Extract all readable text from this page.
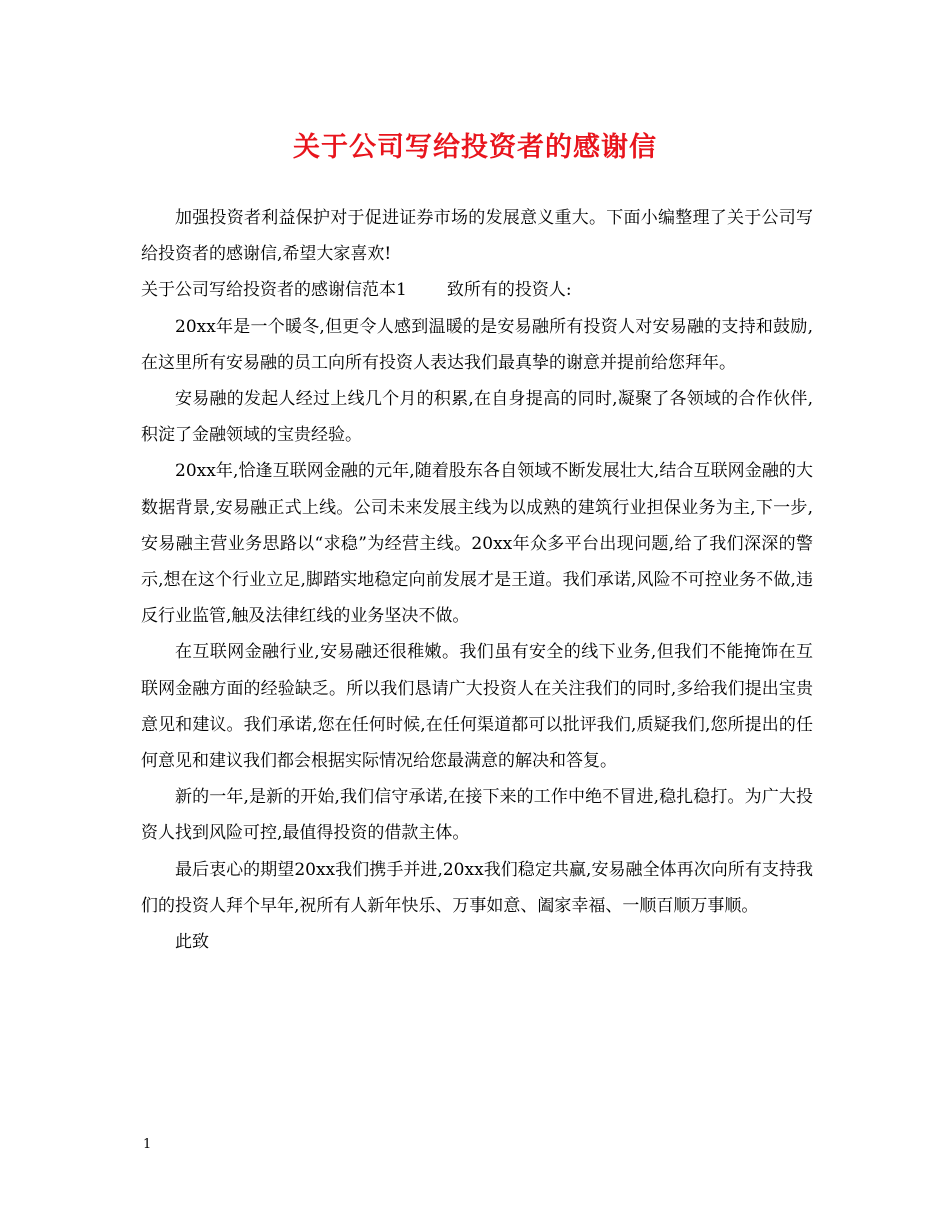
关于公司写给投资者的感谢信

加强投资者利益保护对于促进证券市场的发展意义重大。下面小编整理了关于公司写给投资者的感谢信,希望大家喜欢!

关于公司写给投资者的感谢信范本1 致所有的投资人:

20xx年是一个暖冬,但更令人感到温暖的是安易融所有投资人对安易融的支持和鼓励,在这里所有安易融的员工向所有投资人表达我们最真挚的谢意并提前给您拜年。

安易融的发起人经过上线几个月的积累,在自身提高的同时,凝聚了各领域的合作伙伴,积淀了金融领域的宝贵经验。

20xx年,恰逢互联网金融的元年,随着股东各自领域不断发展壮大,结合互联网金融的大数据背景,安易融正式上线。公司未来发展主线为以成熟的建筑行业担保业务为主,下一步,安易融主营业务思路以“求稳”为经营主线。20xx年众多平台出现问题,给了我们深深的警示,想在这个行业立足,脚踏实地稳定向前发展才是王道。我们承诺,风险不可控业务不做,违反行业监管,触及法律红线的业务坚决不做。

在互联网金融行业,安易融还很稚嫩。我们虽有安全的线下业务,但我们不能掩饰在互联网金融方面的经验缺乏。所以我们恳请广大投资人在关注我们的同时,多给我们提出宝贵意见和建议。我们承诺,您在任何时候,在任何渠道都可以批评我们,质疑我们,您所提出的任何意见和建议我们都会根据实际情况给您最满意的解决和答复。

新的一年,是新的开始,我们信守承诺,在接下来的工作中绝不冒进,稳扎稳打。为广大投资人找到风险可控,最值得投资的借款主体。

最后衷心的期望20xx我们携手并进,20xx我们稳定共赢,安易融全体再次向所有支持我们的投资人拜个早年,祝所有人新年快乐、万事如意、阖家幸福、一顺百顺万事顺。

此致

1
